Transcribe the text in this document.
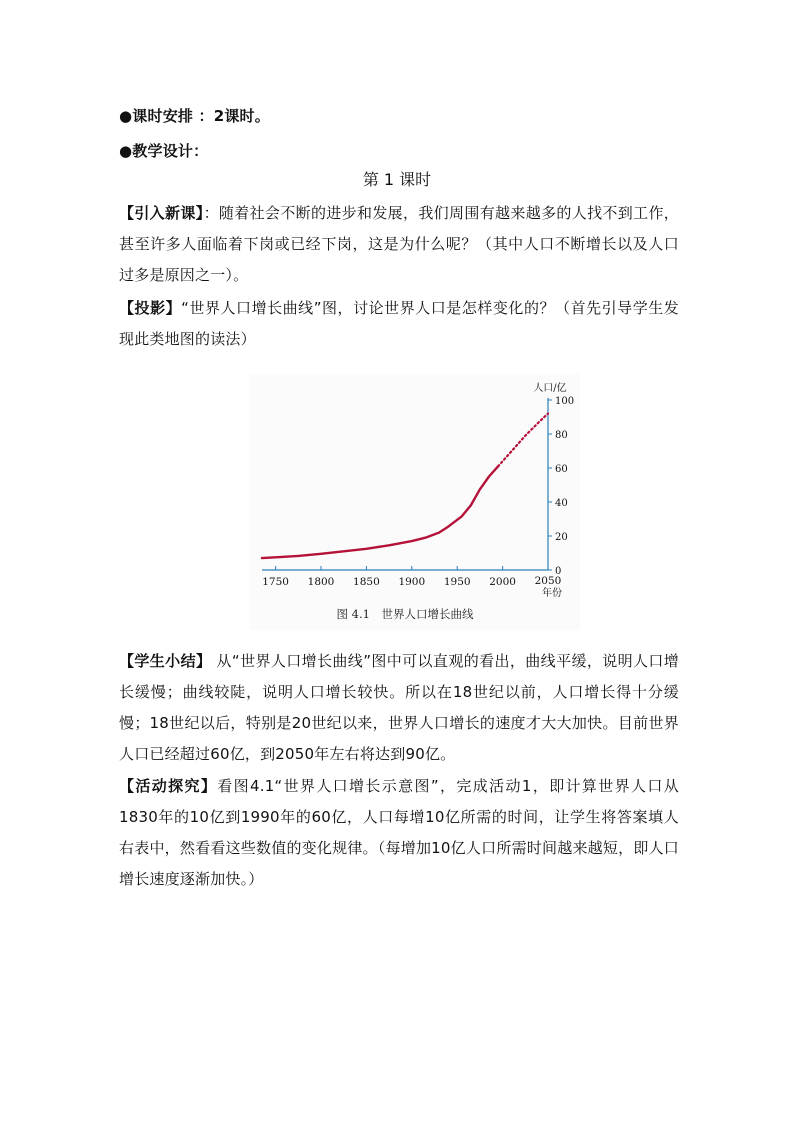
●课时安排 ：2课时。
●教学设计：
第 1 课时
【引入新课】：随着社会不断的进步和发展，我们周围有越来越多的人找不到工作，甚至许多人面临着下岗或已经下岗，这是为什么呢？（其中人口不断增长以及人口过多是原因之一）。
【投影】“世界人口增长曲线”图，讨论世界人口是怎样变化的？（首先引导学生发现此类地图的读法）
1750 1800 1850 1900 1950 2000 2050
0
20
40
60
80
100
图 4.1　世界人口增长曲线
人口/亿
年份
【学生小结】 从“世界人口增长曲线”图中可以直观的看出，曲线平缓，说明人口增长缓慢；曲线较陡，说明人口增长较快。所以在18世纪以前，人口增长得十分缓慢；18世纪以后，特别是20世纪以来，世界人口增长的速度才大大加快。目前世界人口已经超过60亿，到2050年左右将达到90亿。
【活动探究】看图4.1“世界人口增长示意图”，完成活动1，即计算世界人口从1830年的10亿到1990年的60亿，人口每增10亿所需的时间，让学生将答案填人右表中，然看看这些数值的变化规律。（每增加10亿人口所需时间越来越短，即人口增长速度逐渐加快。）
